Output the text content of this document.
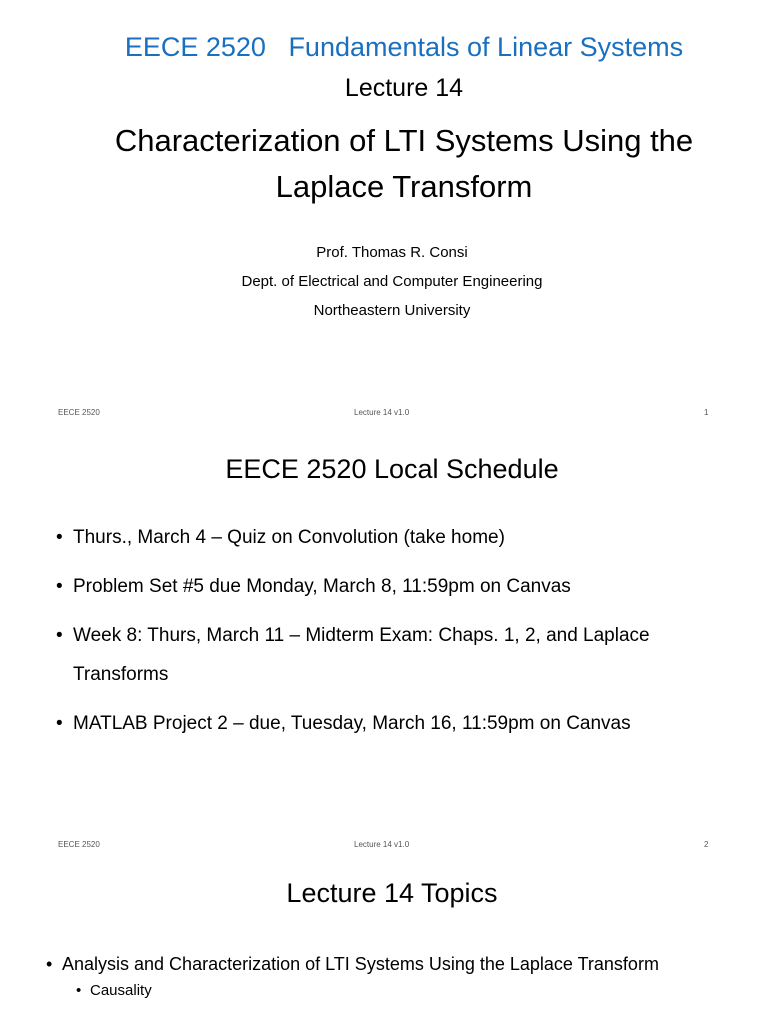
EECE 2520   Fundamentals of Linear Systems
Lecture 14
Characterization of LTI Systems Using the Laplace Transform
Prof. Thomas R. Consi
Dept. of Electrical and Computer Engineering
Northeastern University
EECE 2520	Lecture 14 v1.0	1
EECE 2520 Local Schedule
• Thurs., March 4 – Quiz on Convolution (take home)
• Problem Set #5 due Monday, March 8, 11:59pm on Canvas
• Week 8: Thurs, March 11 – Midterm Exam: Chaps. 1, 2, and Laplace Transforms
• MATLAB Project 2 – due, Tuesday, March 16, 11:59pm on Canvas
EECE 2520	Lecture 14 v1.0	2
Lecture 14 Topics
• Analysis and Characterization of LTI Systems Using the Laplace Transform
• Causality
